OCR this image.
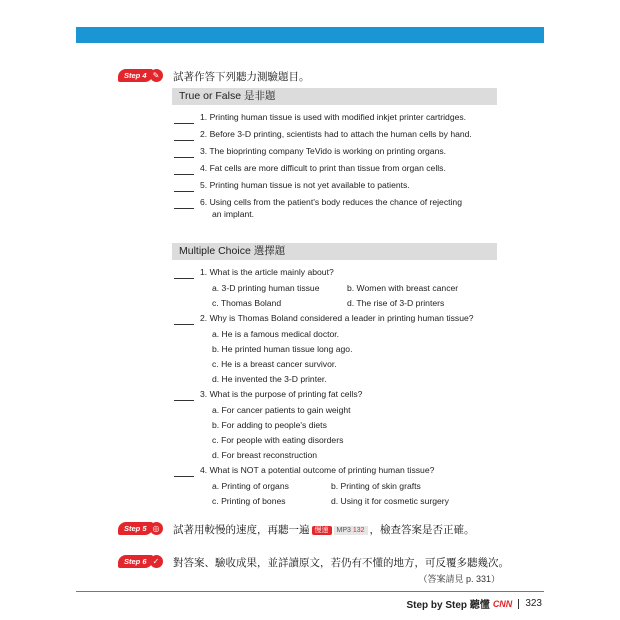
Step 4 ✎	試著作答下列聽力測驗題目。
True or False 是非題
1. Printing human tissue is used with modified inkjet printer cartridges.
2. Before 3-D printing, scientists had to attach the human cells by hand.
3. The bioprinting company TeVido is working on printing organs.
4. Fat cells are more difficult to print than tissue from organ cells.
5. Printing human tissue is not yet available to patients.
6. Using cells from the patient's body reduces the chance of rejecting
an implant.
Multiple Choice 選擇題
1. What is the article mainly about?
a. 3-D printing human tissue	b. Women with breast cancer
c. Thomas Boland	d. The rise of 3-D printers
2. Why is Thomas Boland considered a leader in printing human tissue?
a. He is a famous medical doctor.
b. He printed human tissue long ago.
c. He is a breast cancer survivor.
d. He invented the 3-D printer.
3. What is the purpose of printing fat cells?
a. For cancer patients to gain weight
b. For adding to people's diets
c. For people with eating disorders
d. For breast reconstruction
4. What is NOT a potential outcome of printing human tissue?
a. Printing of organs	b. Printing of skin grafts
c. Printing of bones	d. Using it for cosmetic surgery
Step 5 ◎ 試著用較慢的速度，再聽一遍 慢速 MP3 132 ，檢查答案是否正確。
Step 6 ✓	對答案、驗收成果，並詳讀原文，若仍有不懂的地方，可反覆多聽幾次。
（答案請見 p. 331）
Step by Step 聽懂 CNN 323
